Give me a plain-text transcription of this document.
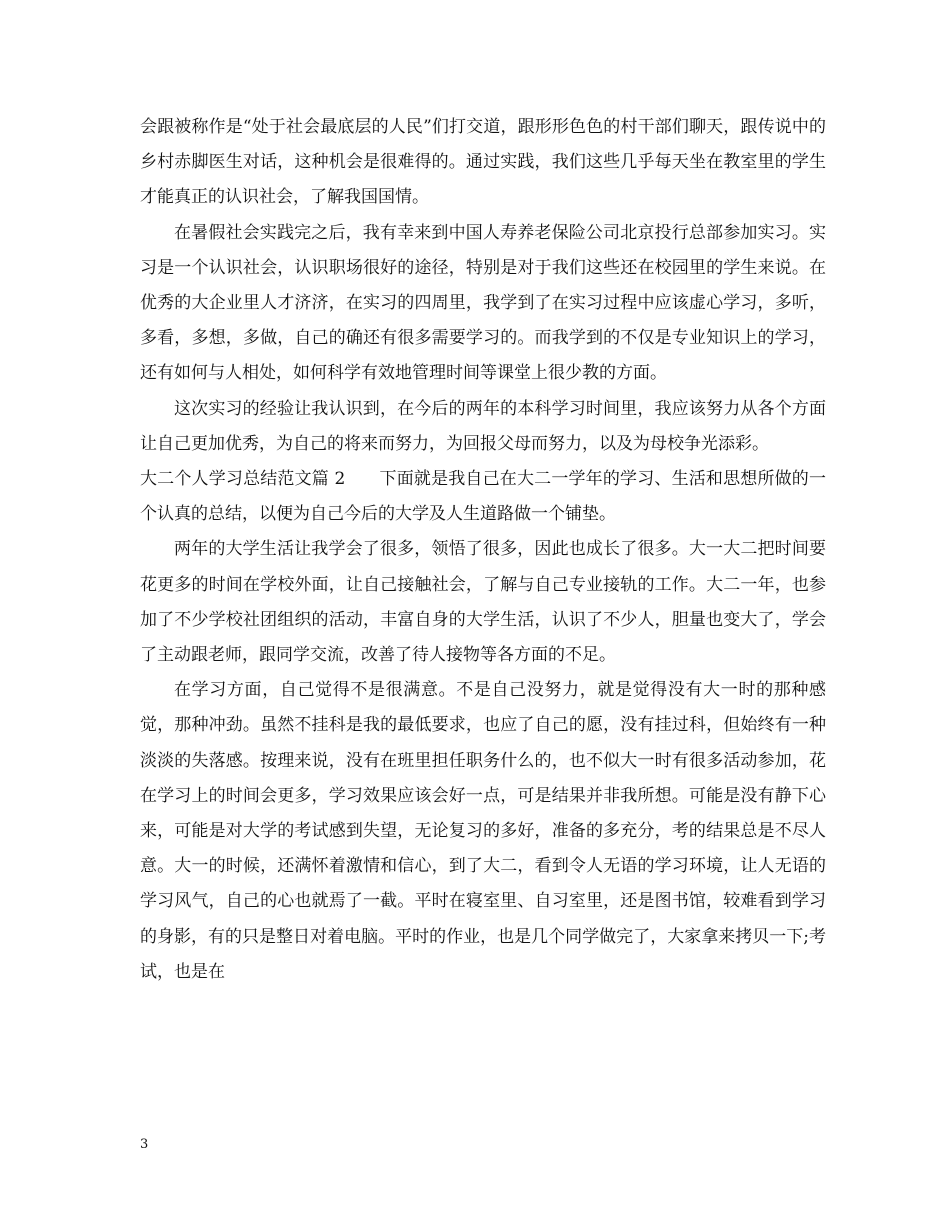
会跟被称作是“处于社会最底层的人民”们打交道，跟形形色色的村干部们聊天，跟传说中的乡村赤脚医生对话，这种机会是很难得的。通过实践，我们这些几乎每天坐在教室里的学生才能真正的认识社会，了解我国国情。

在暑假社会实践完之后，我有幸来到中国人寿养老保险公司北京投行总部参加实习。实习是一个认识社会，认识职场很好的途径，特别是对于我们这些还在校园里的学生来说。在优秀的大企业里人才济济，在实习的四周里，我学到了在实习过程中应该虚心学习，多听，多看，多想，多做，自己的确还有很多需要学习的。而我学到的不仅是专业知识上的学习，还有如何与人相处，如何科学有效地管理时间等课堂上很少教的方面。

这次实习的经验让我认识到，在今后的两年的本科学习时间里，我应该努力从各个方面让自己更加优秀，为自己的将来而努力，为回报父母而努力，以及为母校争光添彩。

大二个人学习总结范文篇 2 下面就是我自己在大二一学年的学习、生活和思想所做的一个认真的总结，以便为自己今后的大学及人生道路做一个铺垫。

两年的大学生活让我学会了很多，领悟了很多，因此也成长了很多。大一大二把时间要花更多的时间在学校外面，让自己接触社会，了解与自己专业接轨的工作。大二一年，也参加了不少学校社团组织的活动，丰富自身的大学生活，认识了不少人，胆量也变大了，学会了主动跟老师，跟同学交流，改善了待人接物等各方面的不足。

在学习方面，自己觉得不是很满意。不是自己没努力，就是觉得没有大一时的那种感觉，那种冲劲。虽然不挂科是我的最低要求，也应了自己的愿，没有挂过科，但始终有一种淡淡的失落感。按理来说，没有在班里担任职务什么的，也不似大一时有很多活动参加，花在学习上的时间会更多，学习效果应该会好一点，可是结果并非我所想。可能是没有静下心来，可能是对大学的考试感到失望，无论复习的多好，准备的多充分，考的结果总是不尽人意。大一的时候，还满怀着激情和信心，到了大二，看到令人无语的学习环境，让人无语的学习风气，自己的心也就焉了一截。平时在寝室里、自习室里，还是图书馆，较难看到学习的身影，有的只是整日对着电脑。平时的作业，也是几个同学做完了，大家拿来拷贝一下;考试，也是在

3
